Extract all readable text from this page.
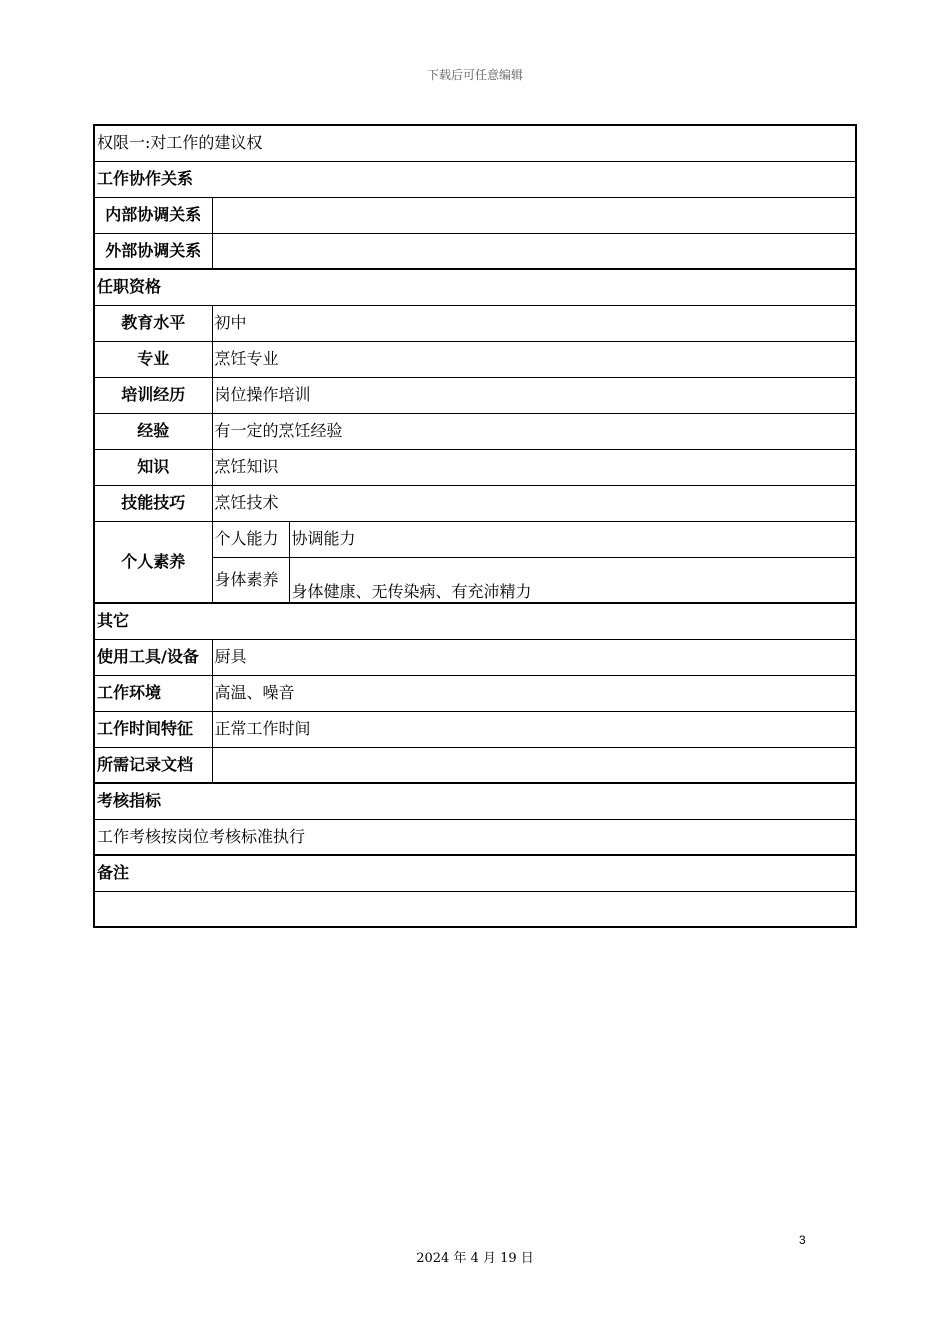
下载后可任意编辑
权限一:对工作的建议权		
工作协作关系		
内部协调关系		
外部协调关系		
任职资格		
教育水平	初中	
专业	烹饪专业	
培训经历	岗位操作培训	
经验	有一定的烹饪经验	
知识	烹饪知识	
技能技巧	烹饪技术	
个人素养	个人能力	协调能力
	身体素养	身体健康、无传染病、有充沛精力
其它		
使用工具/设备	厨具	
工作环境	高温、噪音	
工作时间特征	正常工作时间	
所需记录文档		
考核指标		
工作考核按岗位考核标准执行		
备注		

3
2024 年 4 月 19 日
